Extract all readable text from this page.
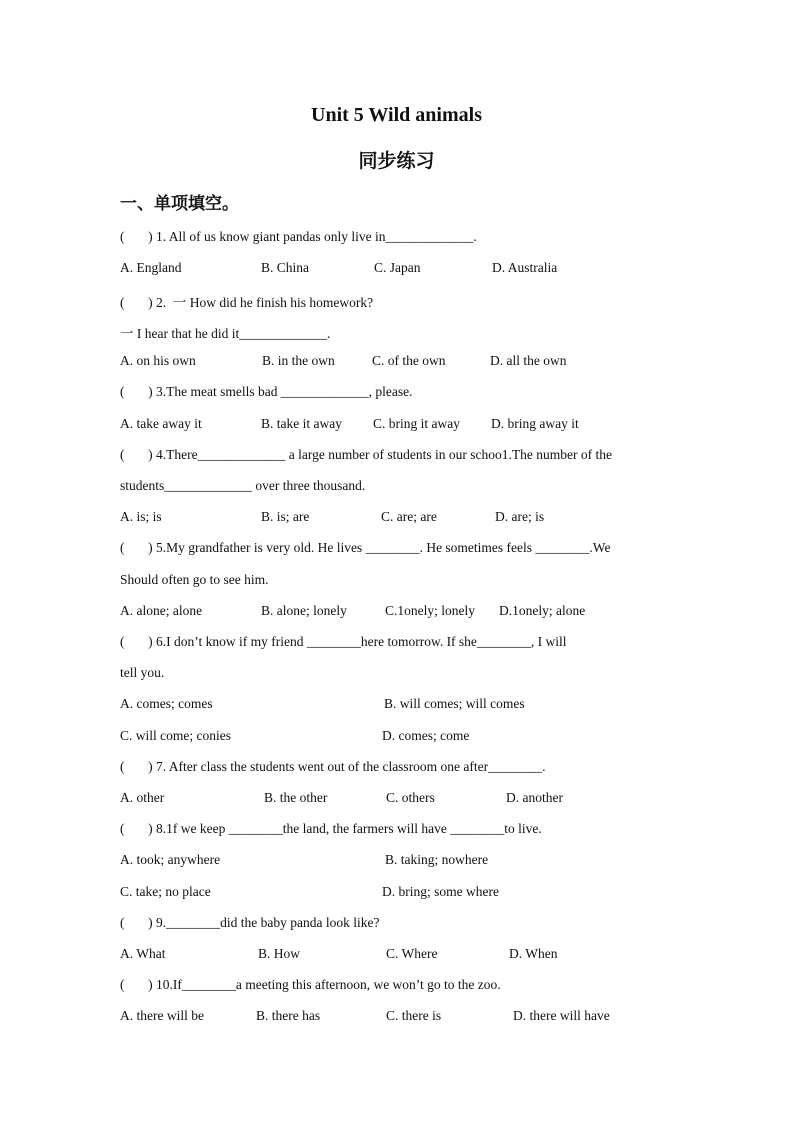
Unit 5 Wild animals
同步练习
一、单项填空。
(       ) 1. All of us know giant pandas only live in_____________.
(       ) 2.  一 How did he finish his homework?
一 I hear that he did it_____________.
(       ) 3.The meat smells bad _____________, please.
(       ) 4.There_____________ a large number of students in our schoo1.The number of the
students_____________ over three thousand.
(       ) 5.My grandfather is very old. He lives ________. He sometimes feels ________.We
Should often go to see him.
(       ) 6.I don’t know if my friend ________here tomorrow. If she________, I will
tell you.
(       ) 7. After class the students went out of the classroom one after________.
(       ) 8.1f we keep ________the land, the farmers will have ________to live.
(       ) 9.________did the baby panda look like?
(       ) 10.If________a meeting this afternoon, we won’t go to the zoo.
A. England	B. China	C. Japan	D. Australia
A. on his own	B. in the own	C. of the own	D. all the own
A. take away it	B. take it away C. bring it away D. bring away it
A. is; is	B. is; are	C. are; are	D. are; is
A. alone; alone	B. alone; lonely	C.1onely; lonely D.1onely; alone
A. comes; comes	B. will comes; will comes
C. will come; conies	D. comes; come
A. other	B. the other	C. others	D. another
A. took; anywhere	B. taking; nowhere
C. take; no place	D. bring; some where
A. What	B. How	C. Where	D. When
A. there will be	B. there has	C. there is	D. there will have
